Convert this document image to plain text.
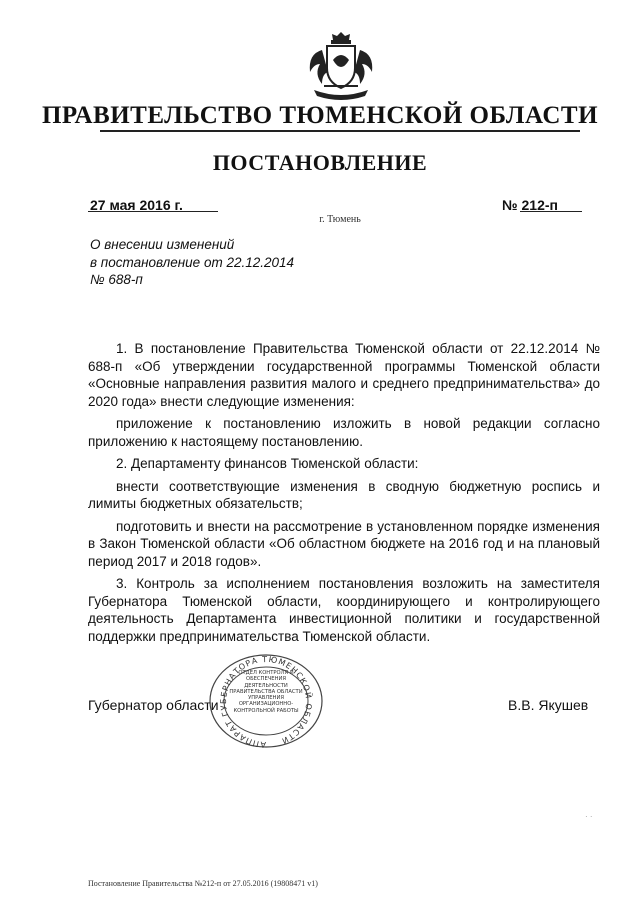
ПРАВИТЕЛЬСТВО ТЮМЕНСКОЙ ОБЛАСТИ
ПОСТАНОВЛЕНИЕ
27 мая 2016 г.	№ 212-п
г. Тюмень
О внесении изменений
в постановление от 22.12.2014
№ 688-п

1. В постановление Правительства Тюменской области от 22.12.2014 № 688-п «Об утверждении государственной программы Тюменской области «Основные направления развития малого и среднего предпринимательства» до 2020 года» внести следующие изменения:

приложение к постановлению изложить в новой редакции согласно приложению к настоящему постановлению.

2. Департаменту финансов Тюменской области:

внести соответствующие изменения в сводную бюджетную роспись и лимиты бюджетных обязательств;

подготовить и внести на рассмотрение в установленном порядке изменения в Закон Тюменской области «Об областном бюджете на 2016 год и на плановый период 2017 и 2018 годов».

3. Контроль за исполнением постановления возложить на заместителя Губернатора Тюменской области, координирующего и контролирующего деятельность Департамента инвестиционной политики и государственной поддержки предпринимательства Тюменской области.

АППАРАТ ГУБЕРНАТОРА ТЮМЕНСКОЙ ОБЛАСТИ
ОТДЕЛ КОНТРОЛЯ И ОБЕСПЕЧЕНИЯ ДЕЯТЕЛЬНОСТИ ПРАВИТЕЛЬСТВА ОБЛАСТИ УПРАВЛЕНИЯ ОРГАНИЗАЦИОННО-КОНТРОЛЬНОЙ РАБОТЫ
Губернатор области	В.В. Якушев
· ·
Постановление Правительства №212-п от 27.05.2016 (19808471 v1)
